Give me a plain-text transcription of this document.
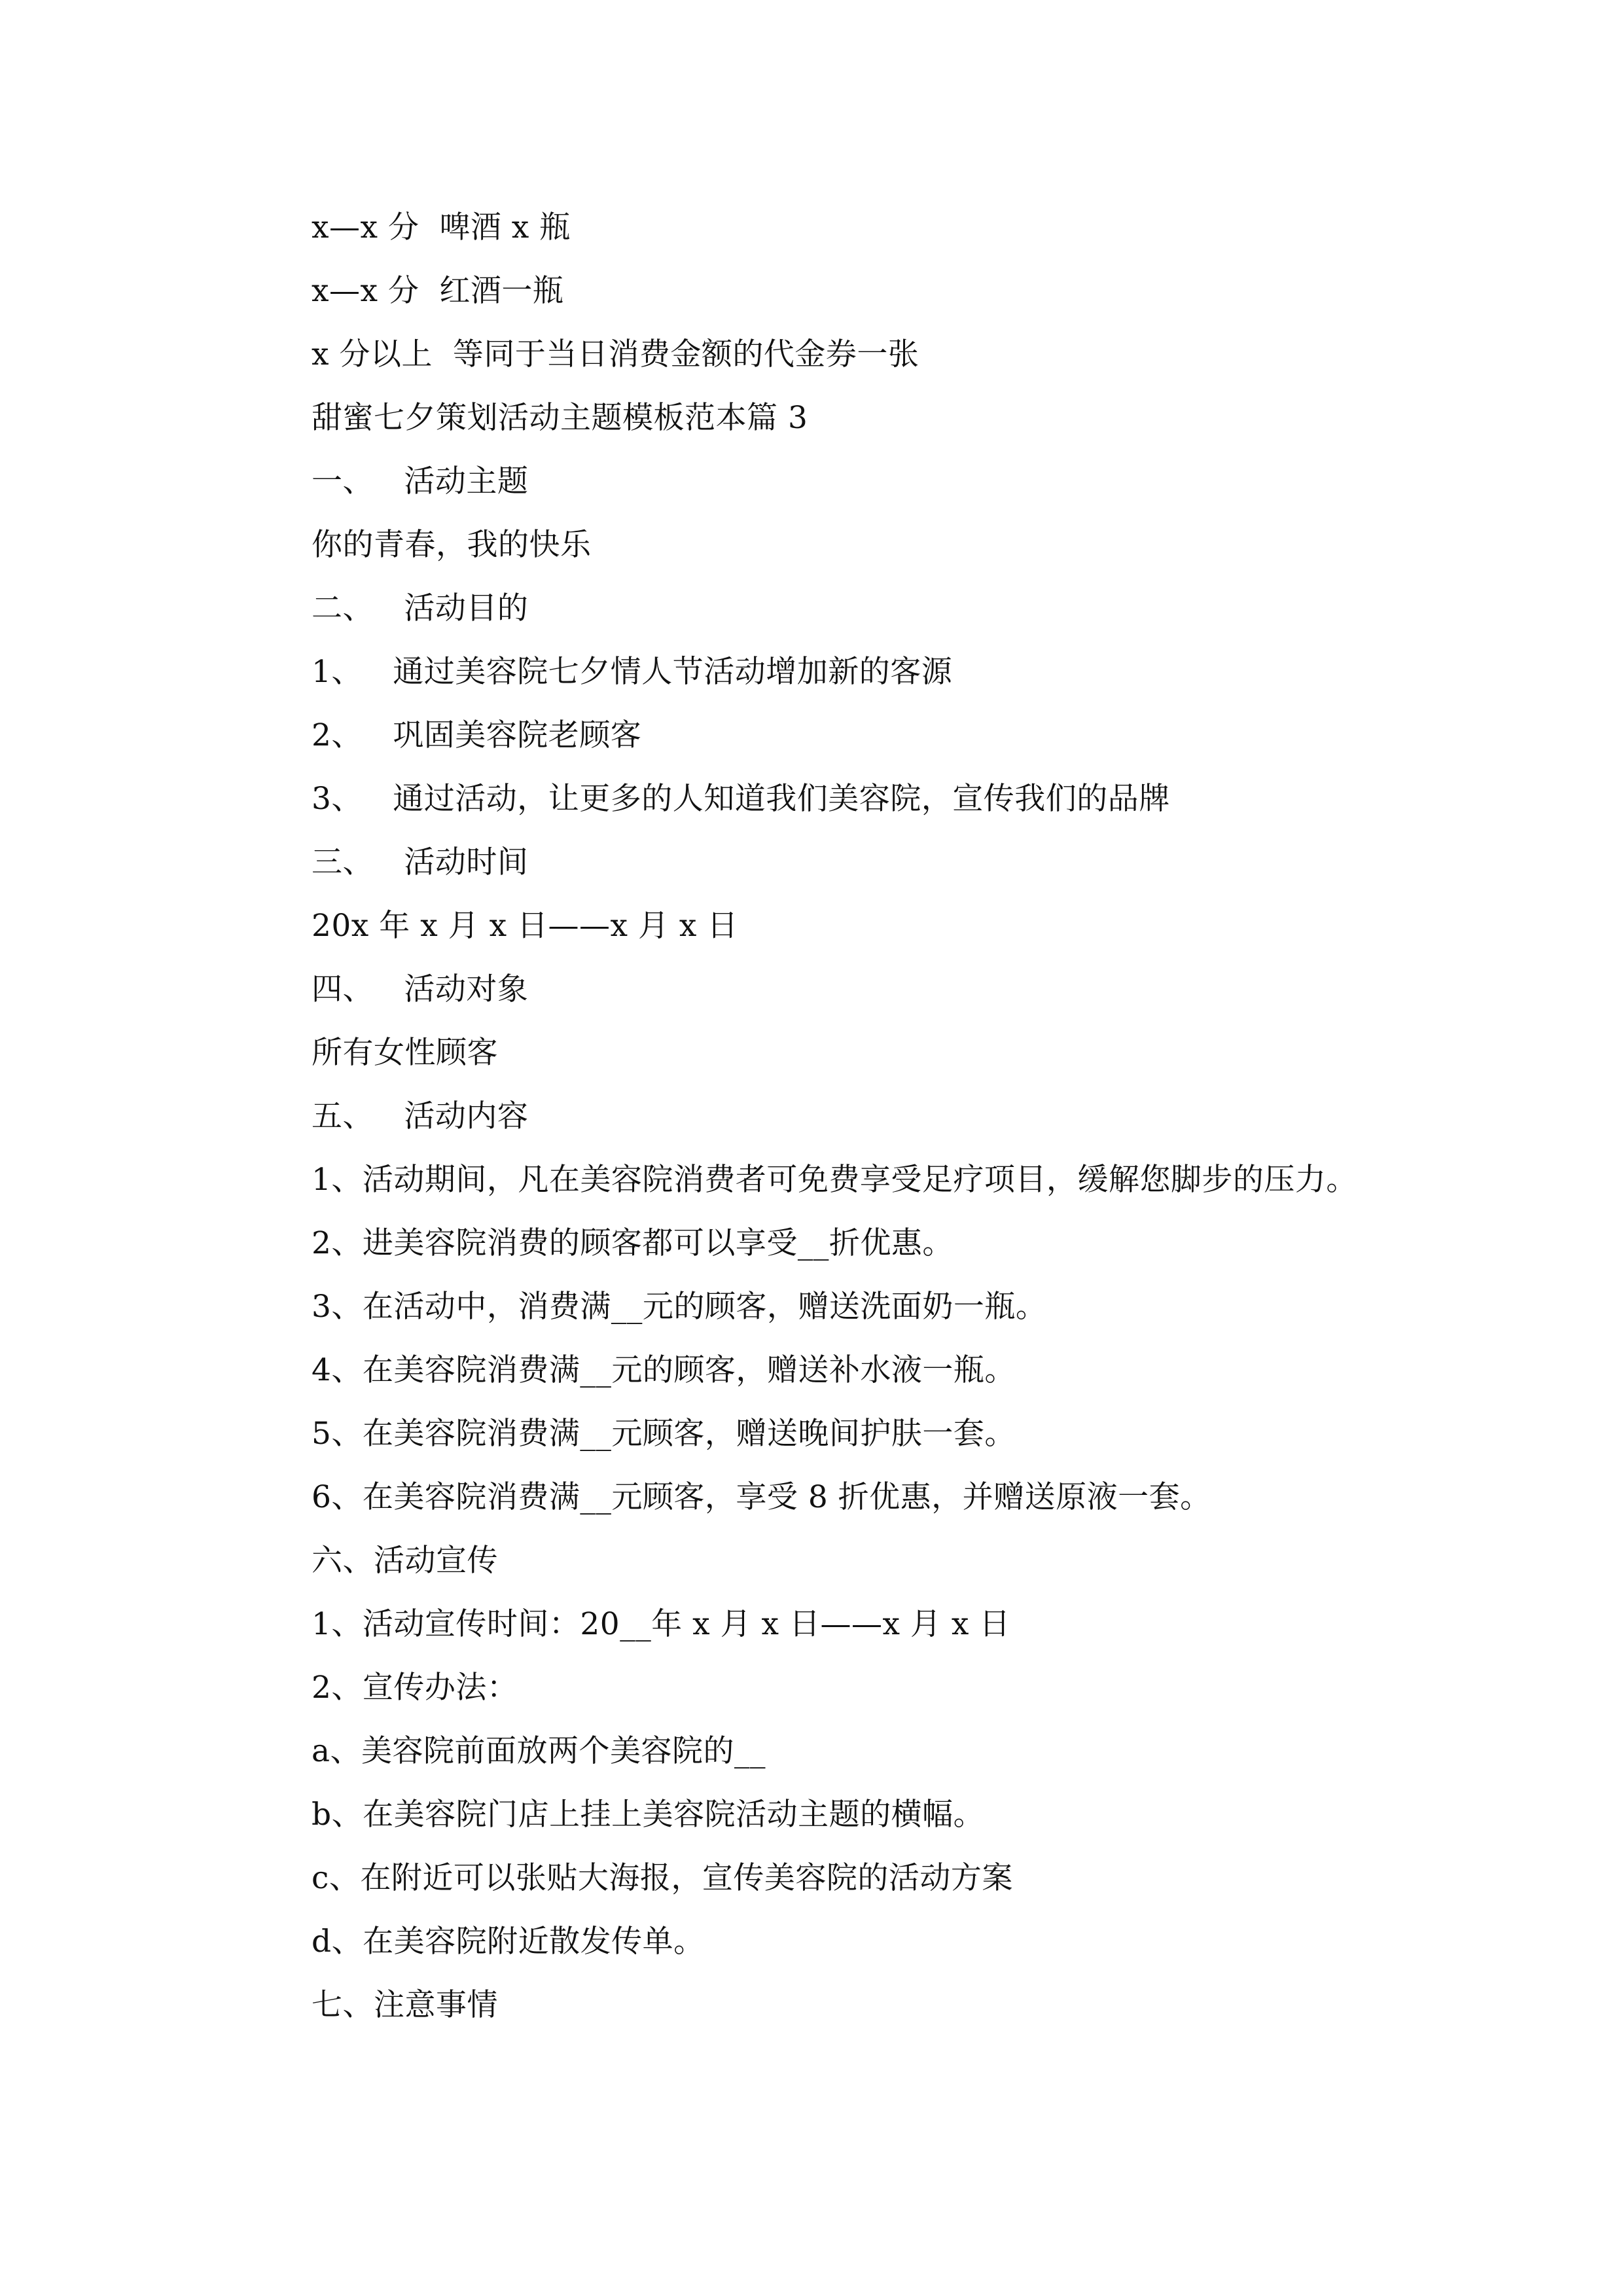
x—x 分  啤酒 x 瓶
x—x 分  红酒一瓶
x 分以上  等同于当日消费金额的代金券一张
甜蜜七夕策划活动主题模板范本篇 3
一、   活动主题
你的青春，我的快乐
二、   活动目的
1、   通过美容院七夕情人节活动增加新的客源
2、   巩固美容院老顾客
3、   通过活动，让更多的人知道我们美容院，宣传我们的品牌
三、   活动时间
20x 年 x 月 x 日——x 月 x 日
四、   活动对象
所有女性顾客
五、   活动内容
1、活动期间，凡在美容院消费者可免费享受足疗项目，缓解您脚步的压力。
2、进美容院消费的顾客都可以享受__折优惠。
3、在活动中，消费满__元的顾客，赠送洗面奶一瓶。
4、在美容院消费满__元的顾客，赠送补水液一瓶。
5、在美容院消费满__元顾客，赠送晚间护肤一套。
6、在美容院消费满__元顾客，享受 8 折优惠，并赠送原液一套。
六、活动宣传
1、活动宣传时间：20__年 x 月 x 日——x 月 x 日
2、宣传办法：
a、美容院前面放两个美容院的__
b、在美容院门店上挂上美容院活动主题的横幅。
c、在附近可以张贴大海报，宣传美容院的活动方案
d、在美容院附近散发传单。
七、注意事情
